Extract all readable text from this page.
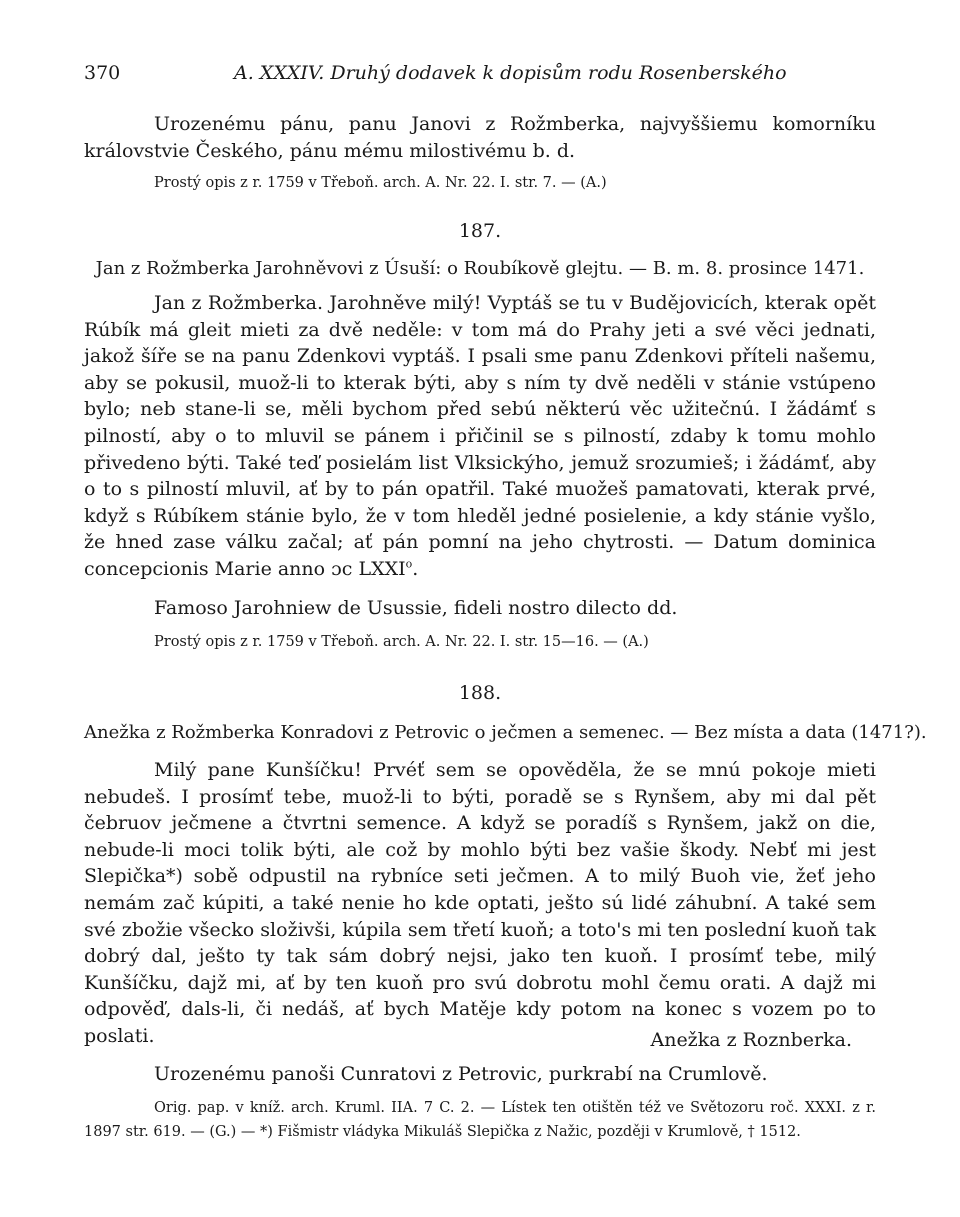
370	A. XXXIV. Druhý dodavek k dopisům rodu Rosenberského

Urozenému pánu, panu Janovi z Rožmberka, najvyššiemu komorníku královstvie Českého, pánu mému milostivému b. d.

Prostý opis z r. 1759 v Třeboň. arch. A. Nr. 22. I. str. 7. — (A.)

187.
Jan z Rožmberka Jarohněvovi z Úsuší: o Roubíkově glejtu. — B. m. 8. prosince 1471.

Jan z Rožmberka. Jarohněve milý! Vyptáš se tu v Budějovicích, kterak opět Rúbík má gleit mieti za dvě neděle: v tom má do Prahy jeti a své věci jednati, jakož šíře se na panu Zdenkovi vyptáš. I psali sme panu Zdenkovi příteli našemu, aby se pokusil, muož-li to kterak býti, aby s ním ty dvě neděli v stánie vstúpeno bylo; neb stane-li se, měli bychom před sebú některú věc užitečnú. I žádámť s pilností, aby o to mluvil se pánem i přičinil se s pilností, zdaby k tomu mohlo přivedeno býti. Také teď posielám list Vlksickýho, jemuž srozumieš; i žádámť, aby o to s pilností mluvil, ať by to pán opatřil. Také muožeš pamatovati, kterak prvé, když s Rúbíkem stánie bylo, že v tom hleděl jedné posielenie, a kdy stánie vyšlo, že hned zase válku začal; ať pán pomní na jeho chytrosti. — Datum dominica concepcionis Marie anno ɔc LXXI$^o$.

Famoso Jarohniew de Usussie, fideli nostro dilecto dd.

Prostý opis z r. 1759 v Třeboň. arch. A. Nr. 22. I. str. 15—16. — (A.)

188.
Anežka z Rožmberka Konradovi z Petrovic o ječmen a semenec. — Bez místa a data (1471?).

Milý pane Kunšíčku! Prvéť sem se opověděla, že se mnú pokoje mieti nebudeš. I prosímť tebe, muož-li to býti, poradě se s Rynšem, aby mi dal pět čebruov ječmene a čtvrtni semence. A když se poradíš s Rynšem, jakž on die, nebude-li moci tolik býti, ale což by mohlo býti bez vašie škody. Nebť mi jest Slepička*) sobě odpustil na rybníce seti ječmen. A to milý Buoh vie, žeť jeho nemám zač kúpiti, a také nenie ho kde optati, ješto sú lidé záhubní. A také sem své zbožie všecko složivši, kúpila sem třetí kuoň; a toto's mi ten poslední kuoň tak dobrý dal, ješto ty tak sám dobrý nejsi, jako ten kuoň. I prosímť tebe, milý Kunšíčku, dajž mi, ať by ten kuoň pro svú dobrotu mohl čemu orati. A dajž mi odpověď, dals-li, či nedáš, ať bych Matěje kdy potom na konec s vozem po to poslati.	Anežka z Roznberka.
Urozenému panoši Cunratovi z Petrovic, purkrabí na Crumlově.

Orig. pap. v kníž. arch. Kruml. IIA. 7 C. 2. — Lístek ten otištěn též ve Světozoru roč. XXXI. z r. 1897 str. 619. — (G.) — *) Fišmistr vládyka Mikuláš Slepička z Nažic, později v Krumlově, † 1512.
